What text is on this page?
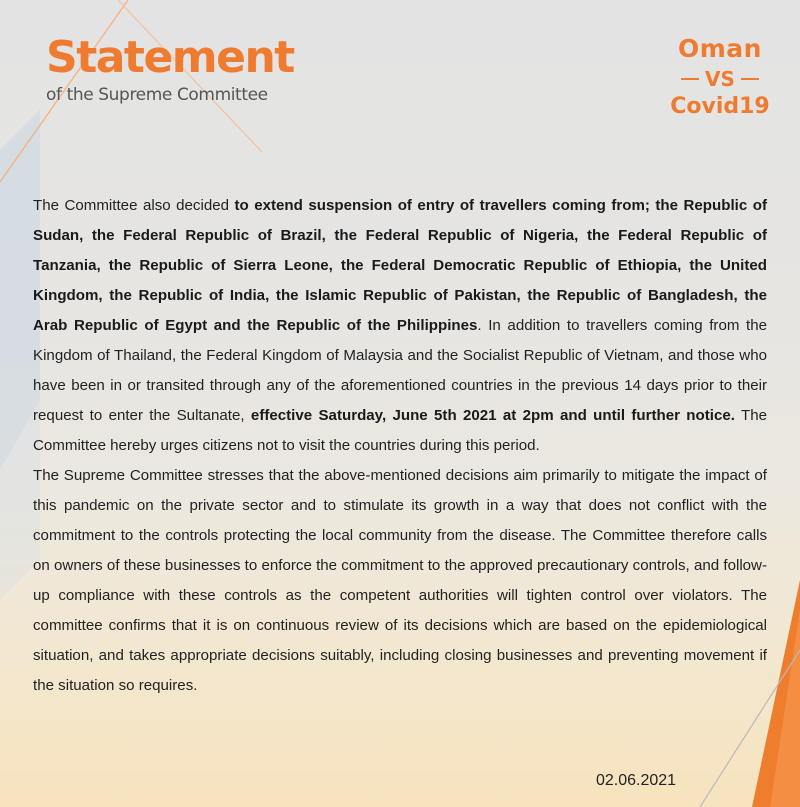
Statement
of the Supreme Committee
Oman
VS
Covid19

The Committee also decided to extend suspension of entry of travellers coming from; the Republic of Sudan, the Federal Republic of Brazil, the Federal Republic of Nigeria, the Federal Republic of Tanzania, the Republic of Sierra Leone, the Federal Democratic Republic of Ethiopia, the United Kingdom, the Republic of India, the Islamic Republic of Pakistan, the Republic of Bangladesh, the Arab Republic of Egypt and the Republic of the Philippines. In addition to travellers coming from the Kingdom of Thailand, the Federal Kingdom of Malaysia and the Socialist Republic of Vietnam, and those who have been in or transited through any of the aforementioned countries in the previous 14 days prior to their request to enter the Sultanate, effective Saturday, June 5th 2021 at 2pm and until further notice. The Committee hereby urges citizens not to visit the countries during this period.

The Supreme Committee stresses that the above-mentioned decisions aim primarily to mitigate the impact of this pandemic on the private sector and to stimulate its growth in a way that does not conflict with the commitment to the controls protecting the local community from the disease. The Committee therefore calls on owners of these businesses to enforce the commitment to the approved precautionary controls, and follow-up compliance with these controls as the competent authorities will tighten control over violators. The committee confirms that it is on continuous review of its decisions which are based on the epidemiological situation, and takes appropriate decisions suitably, including closing businesses and preventing movement if the situation so requires.

02.06.2021
